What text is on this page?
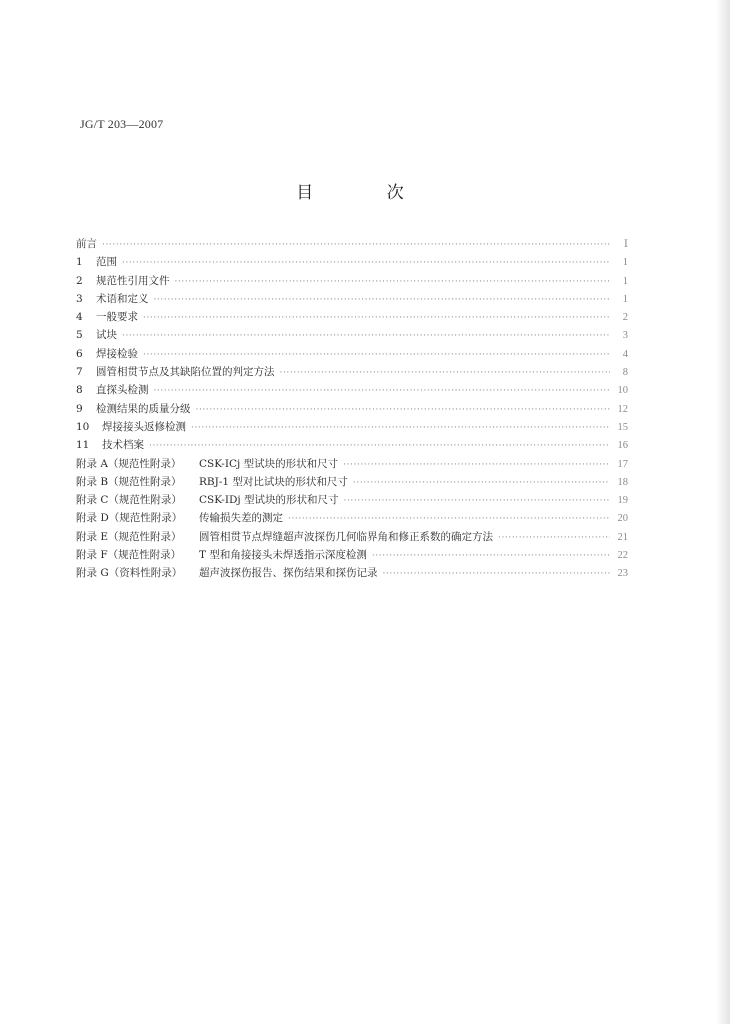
JG/T 203—2007
目 次
前言 ·····	Ⅰ
1 范围 ·····	1
2 规范性引用文件 ·····	1
3 术语和定义 ·····	1
4 一般要求 ·····	2
5 试块 ·····	3
6 焊接检验 ·····	4
7 圆管相贯节点及其缺陷位置的判定方法 ·····	8
8 直探头检测 ·····	10
9 检测结果的质量分级 ·····	12
10 焊接接头返修检测 ·····	15
11 技术档案 ·····	16
附录 A（规范性附录） CSK-ⅠCj 型试块的形状和尺寸 ·····	17
附录 B（规范性附录） RBJ-1 型对比试块的形状和尺寸 ·····	18
附录 C（规范性附录） CSK-ⅠDj 型试块的形状和尺寸 ·····	19
附录 D（规范性附录） 传输损失差的测定 ·····	20
附录 E（规范性附录） 圆管相贯节点焊缝超声波探伤几何临界角和修正系数的确定方法 ·····	21
附录 F（规范性附录） T 型和角接接头未焊透指示深度检测 ·····	22
附录 G（资料性附录） 超声波探伤报告、探伤结果和探伤记录 ·····	23
